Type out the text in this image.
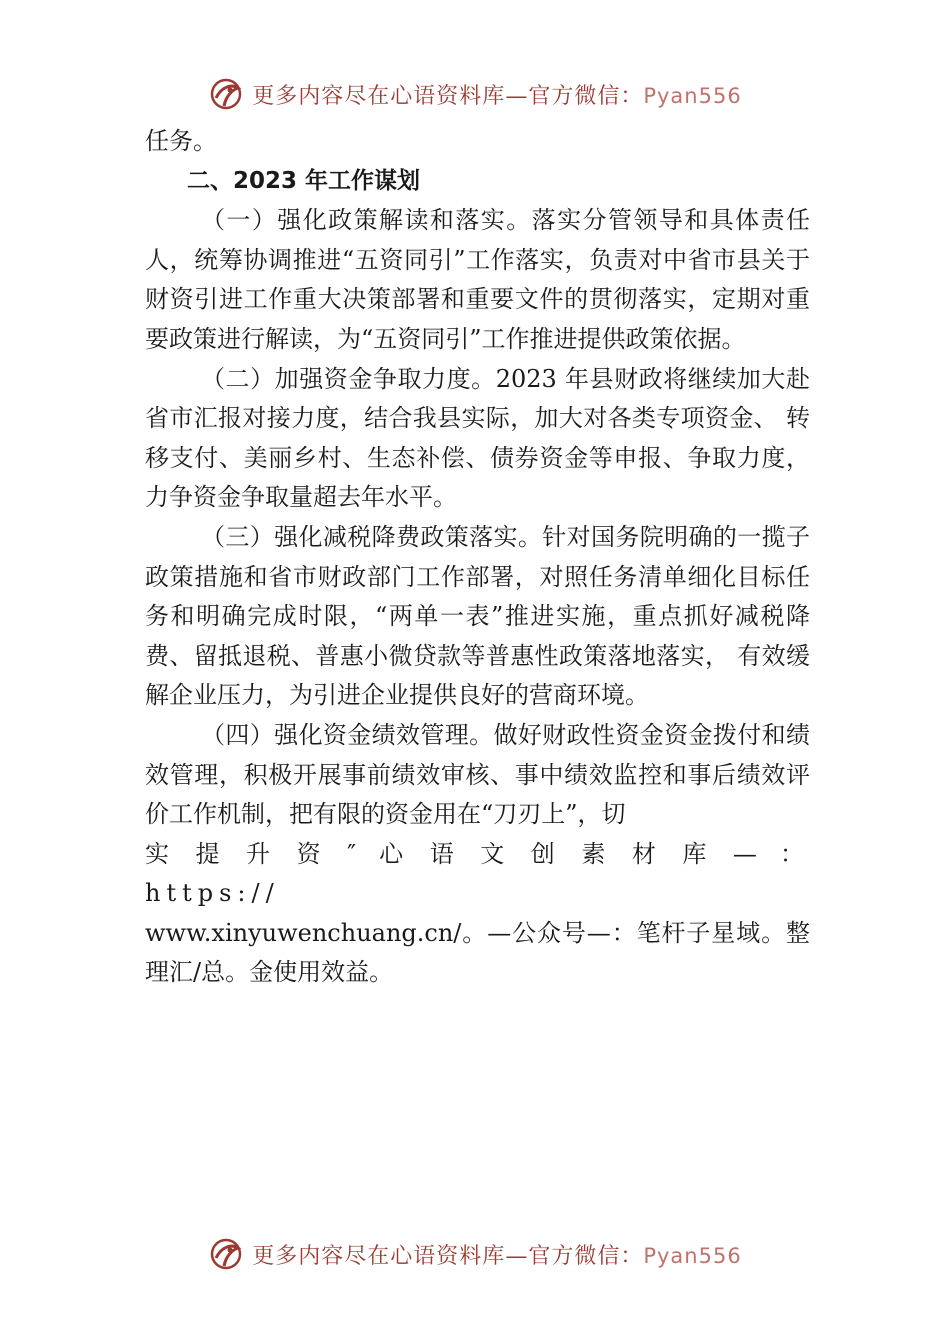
更多内容尽在心语资料库—官方微信：Pyan556

任务。

二、2023 年工作谋划

（一）强化政策解读和落实。落实分管领导和具体责任人，统筹协调推进“五资同引”工作落实，负责对中省市县关于财资引进工作重大决策部署和重要文件的贯彻落实，定期对重要政策进行解读，为“五资同引”工作推进提供政策依据。

（二）加强资金争取力度。2023 年县财政将继续加大赴省市汇报对接力度，结合我县实际，加大对各类专项资金、 转移支付、美丽乡村、生态补偿、债券资金等申报、争取力度，力争资金争取量超去年水平。

（三）强化减税降费政策落实。针对国务院明确的一揽子政策措施和省市财政部门工作部署，对照任务清单细化目标任务和明确完成时限，“两单一表”推进实施，重点抓好减税降费、留抵退税、普惠小微贷款等普惠性政策落地落实， 有效缓解企业压力，为引进企业提供良好的营商环境。

（四）强化资金绩效管理。做好财政性资金资金拨付和绩效管理，积极开展事前绩效审核、事中绩效监控和事后绩效评价工作机制，把有限的资金用在“刀刃上”，切

实 提 升 资 ″ 心 语 文 创 素 材 库 — ： https://

www.xinyuwenchuang.cn/。—公众号—：笔杆子星域。整理汇/总。金使用效益。

更多内容尽在心语资料库—官方微信：Pyan556
